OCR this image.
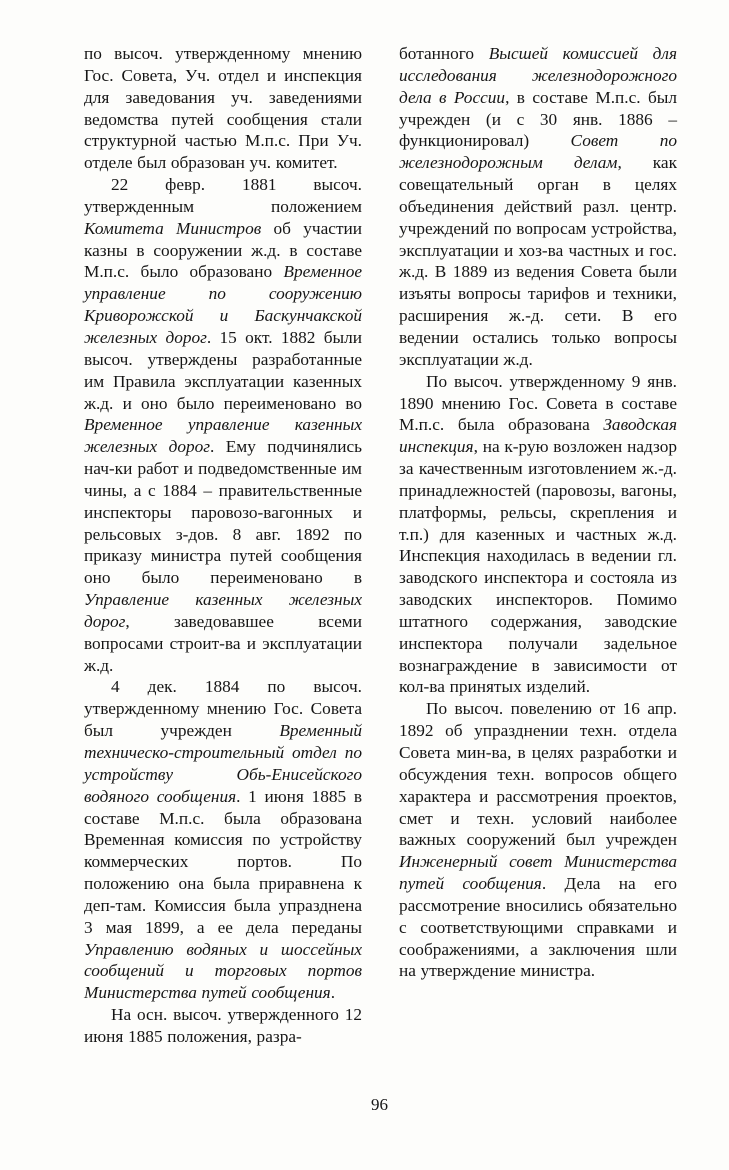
по высоч. утвержденному мнению Гос. Совета, Уч. отдел и инспекция для заведования уч. заведениями ведомства путей сообщения стали структурной частью М.п.с. При Уч. отделе был образован уч. комитет.

22 февр. 1881 высоч. утвержденным положением Комитета Министров об участии казны в сооружении ж.д. в составе М.п.с. было образовано Временное управление по сооружению Криворожской и Баскунчакской железных дорог. 15 окт. 1882 были высоч. утверждены разработанные им Правила эксплуатации казенных ж.д. и оно было переименовано во Временное управление казенных железных дорог. Ему подчинялись нач-ки работ и подведомственные им чины, а с 1884 – правительственные инспекторы паровозо-вагонных и рельсовых з-дов. 8 авг. 1892 по приказу министра путей сообщения оно было переименовано в Управление казенных железных дорог, заведовавшее всеми вопросами строит-ва и эксплуатации ж.д.

4 дек. 1884 по высоч. утвержденному мнению Гос. Совета был учрежден Временный техническо-строительный отдел по устройству Обь-Енисейского водяного сообщения. 1 июня 1885 в составе М.п.с. была образована Временная комиссия по устройству коммерческих портов. По положению она была приравнена к деп-там. Комиссия была упразднена 3 мая 1899, а ее дела переданы Управлению водяных и шоссейных сообщений и торговых портов Министерства путей сообщения.

На осн. высоч. утвержденного 12 июня 1885 положения, разра-

ботанного Высшей комиссией для исследования железнодорожного дела в России, в составе М.п.с. был учрежден (и с 30 янв. 1886 – функционировал) Совет по железнодорожным делам, как совещательный орган в целях объединения действий разл. центр. учреждений по вопросам устройства, эксплуатации и хоз-ва частных и гос. ж.д. В 1889 из ведения Совета были изъяты вопросы тарифов и техники, расширения ж.-д. сети. В его ведении остались только вопросы эксплуатации ж.д.

По высоч. утвержденному 9 янв. 1890 мнению Гос. Совета в составе М.п.с. была образована Заводская инспекция, на к-рую возложен надзор за качественным изготовлением ж.-д. принадлежностей (паровозы, вагоны, платформы, рельсы, скрепления и т.п.) для казенных и частных ж.д. Инспекция находилась в ведении гл. заводского инспектора и состояла из заводских инспекторов. Помимо штатного содержания, заводские инспектора получали задельное вознаграждение в зависимости от кол-ва принятых изделий.

По высоч. повелению от 16 апр. 1892 об упразднении техн. отдела Совета мин-ва, в целях разработки и обсуждения техн. вопросов общего характера и рассмотрения проектов, смет и техн. условий наиболее важных сооружений был учрежден Инженерный совет Министерства путей сообщения. Дела на его рассмотрение вносились обязательно с соответствующими справками и соображениями, а заключения шли на утверждение министра.

96
